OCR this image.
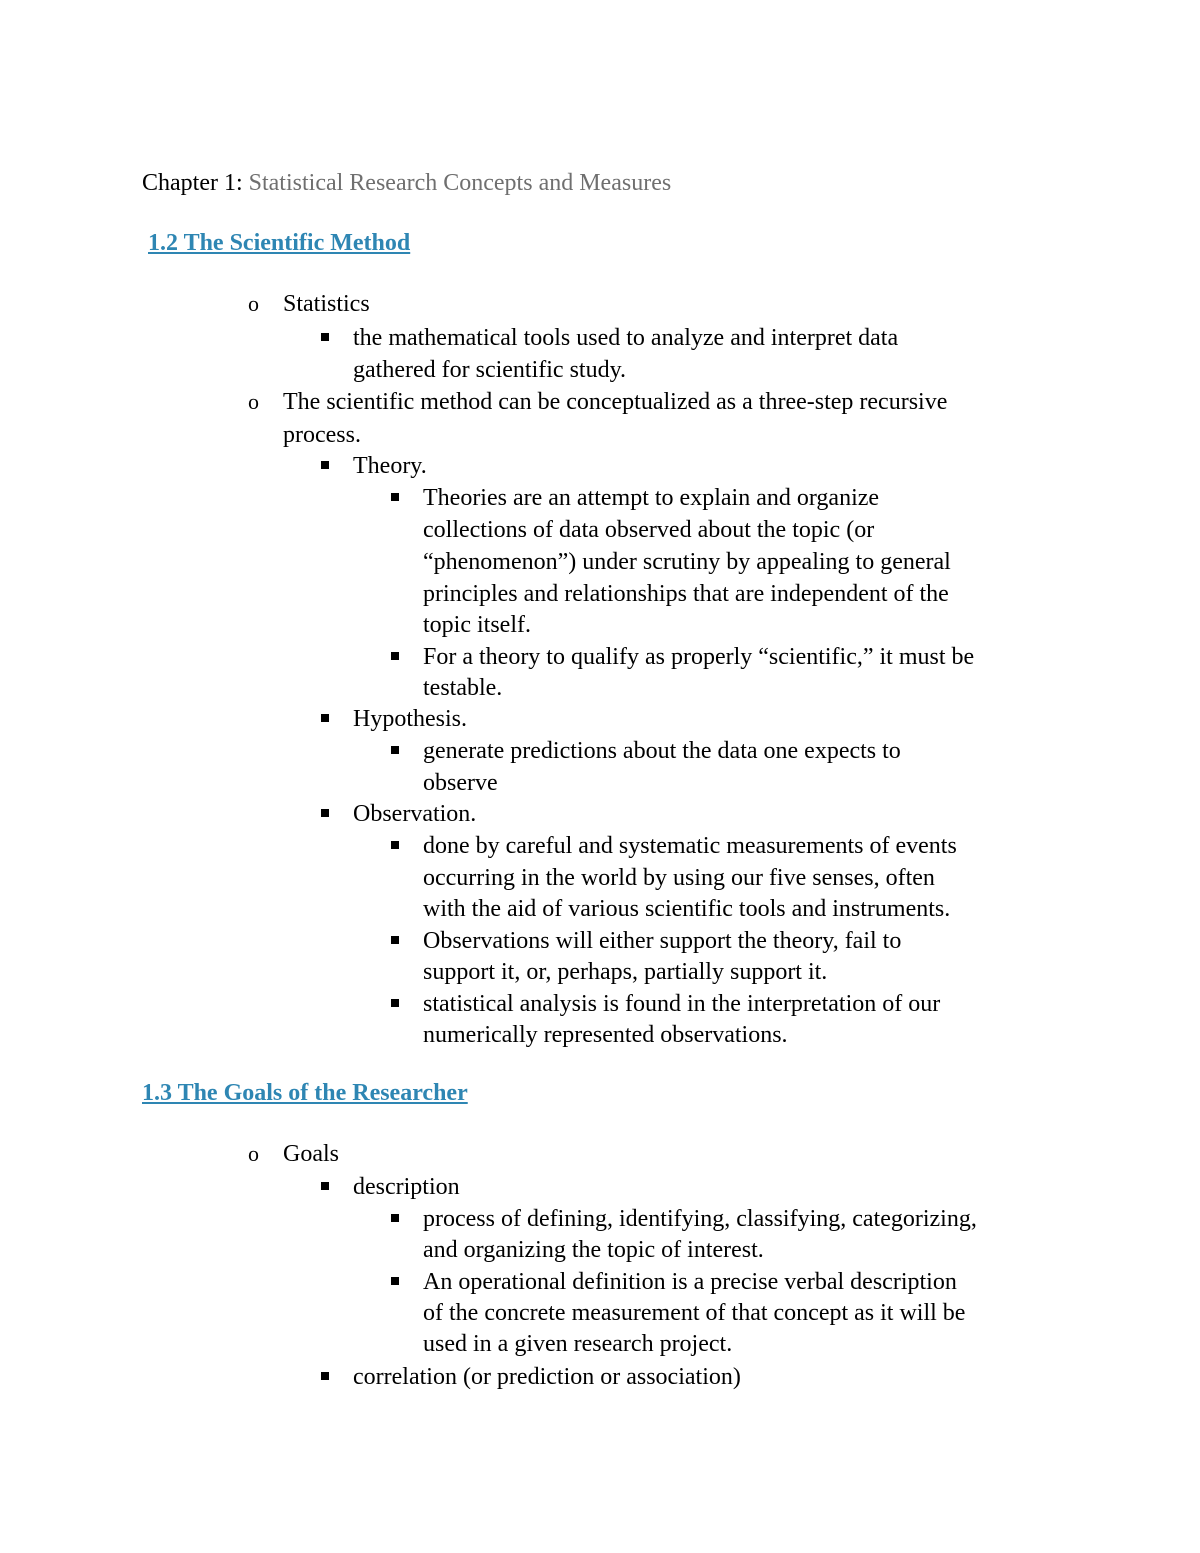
Chapter 1: Statistical Research Concepts and Measures
1.2 The Scientific Method
o Statistics
the mathematical tools used to analyze and interpret data
gathered for scientific study.
o The scientific method can be conceptualized as a three-step recursive
process.
Theory.
Theories are an attempt to explain and organize
collections of data observed about the topic (or
“phenomenon”) under scrutiny by appealing to general
principles and relationships that are independent of the
topic itself.
For a theory to qualify as properly “scientific,” it must be
testable.
Hypothesis.
generate predictions about the data one expects to
observe
Observation.
done by careful and systematic measurements of events
occurring in the world by using our five senses, often
with the aid of various scientific tools and instruments.
Observations will either support the theory, fail to
support it, or, perhaps, partially support it.
statistical analysis is found in the interpretation of our
numerically represented observations.
1.3 The Goals of the Researcher
o Goals
description
process of defining, identifying, classifying, categorizing,
and organizing the topic of interest.
An operational definition is a precise verbal description
of the concrete measurement of that concept as it will be
used in a given research project.
correlation (or prediction or association)
